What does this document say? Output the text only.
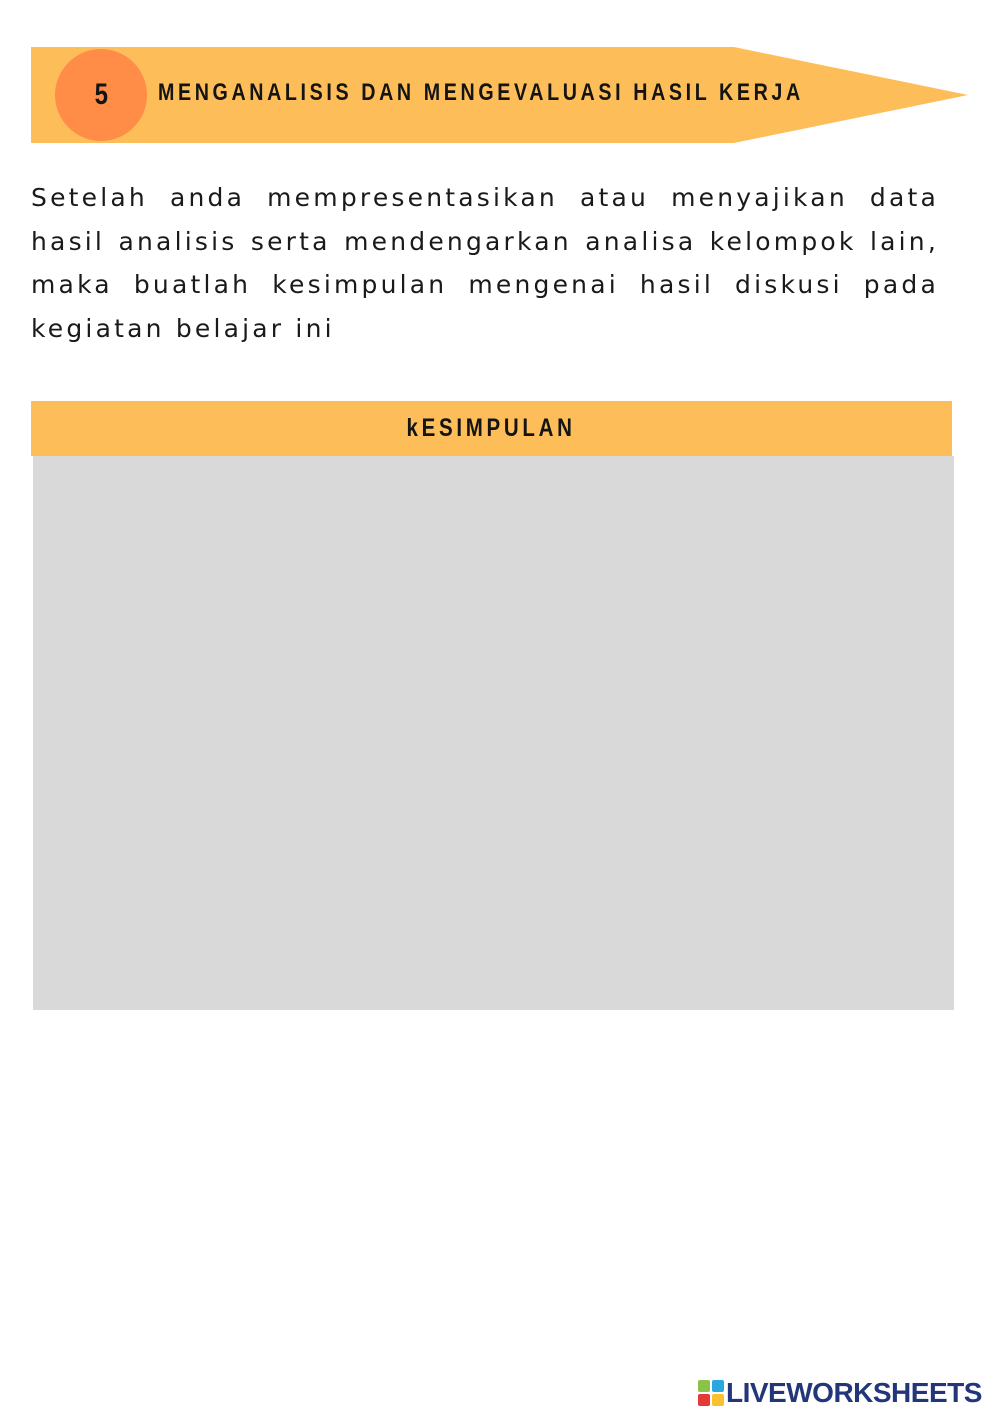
5 MENGANALISIS DAN MENGEVALUASI HASIL KERJA

Setelah anda mempresentasikan atau menyajikan data hasil analisis serta mendengarkan analisa kelompok lain, maka buatlah kesimpulan mengenai hasil diskusi pada kegiatan belajar ini

kESIMPULAN
LIVEWORKSHEETS
